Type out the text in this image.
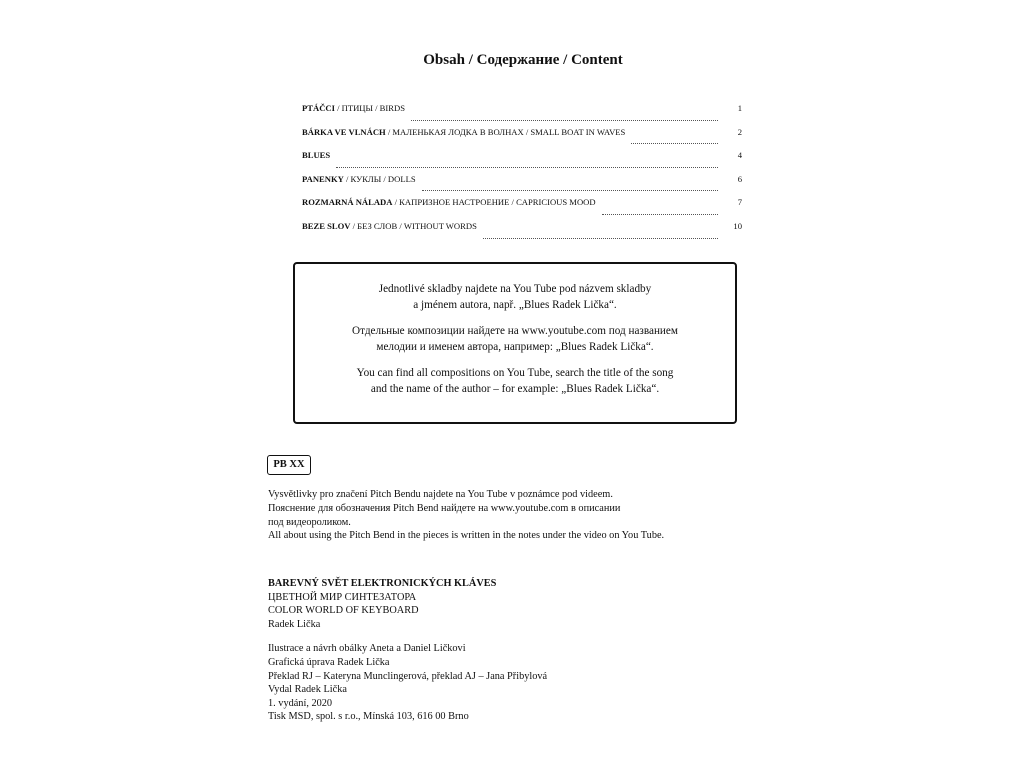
Obsah / Содержание / Content
PTÁČCI / ПТИЦЫ / BIRDS	1
BÁRKA VE VLNÁCH / МАЛЕНЬКАЯ ЛОДКА В ВОЛНАХ / SMALL BOAT IN WAVES	2
BLUES	4
PANENKY / КУКЛЫ / DOLLS	6
ROZMARNÁ NÁLADA / КАПРИЗНОЕ НАСТРОЕНИЕ / CAPRICIOUS MOOD	7
BEZE SLOV / БЕЗ СЛОВ / WITHOUT WORDS	10

Jednotlivé skladby najdete na You Tube pod názvem skladby
a jménem autora, např. „Blues Radek Lička“.

Отдельные композиции найдете на www.youtube.com под названием
мелодии и именем автора, например: „Blues Radek Lička“.

You can find all compositions on You Tube, search the title of the song
and the name of the author – for example: „Blues Radek Lička“.

PB XX
Vysvětlivky pro značení Pitch Bendu najdete na You Tube v poznámce pod videem.
Пояснение для обозначения Pitch Bend найдете на www.youtube.com в описании
под видеороликом.
All about using the Pitch Bend in the pieces is written in the notes under the video on You Tube.
BAREVNÝ SVĚT ELEKTRONICKÝCH KLÁVES
ЦВЕТНОЙ МИР СИНТЕЗАТОРА
COLOR WORLD OF KEYBOARD
Radek Lička
Ilustrace a návrh obálky Aneta a Daniel Ličkovi
Grafická úprava Radek Lička
Překlad RJ – Kateryna Munclingerová, překlad AJ – Jana Přibylová
Vydal Radek Lička
1. vydání, 2020
Tisk MSD, spol. s r.o., Mínská 103, 616 00 Brno
